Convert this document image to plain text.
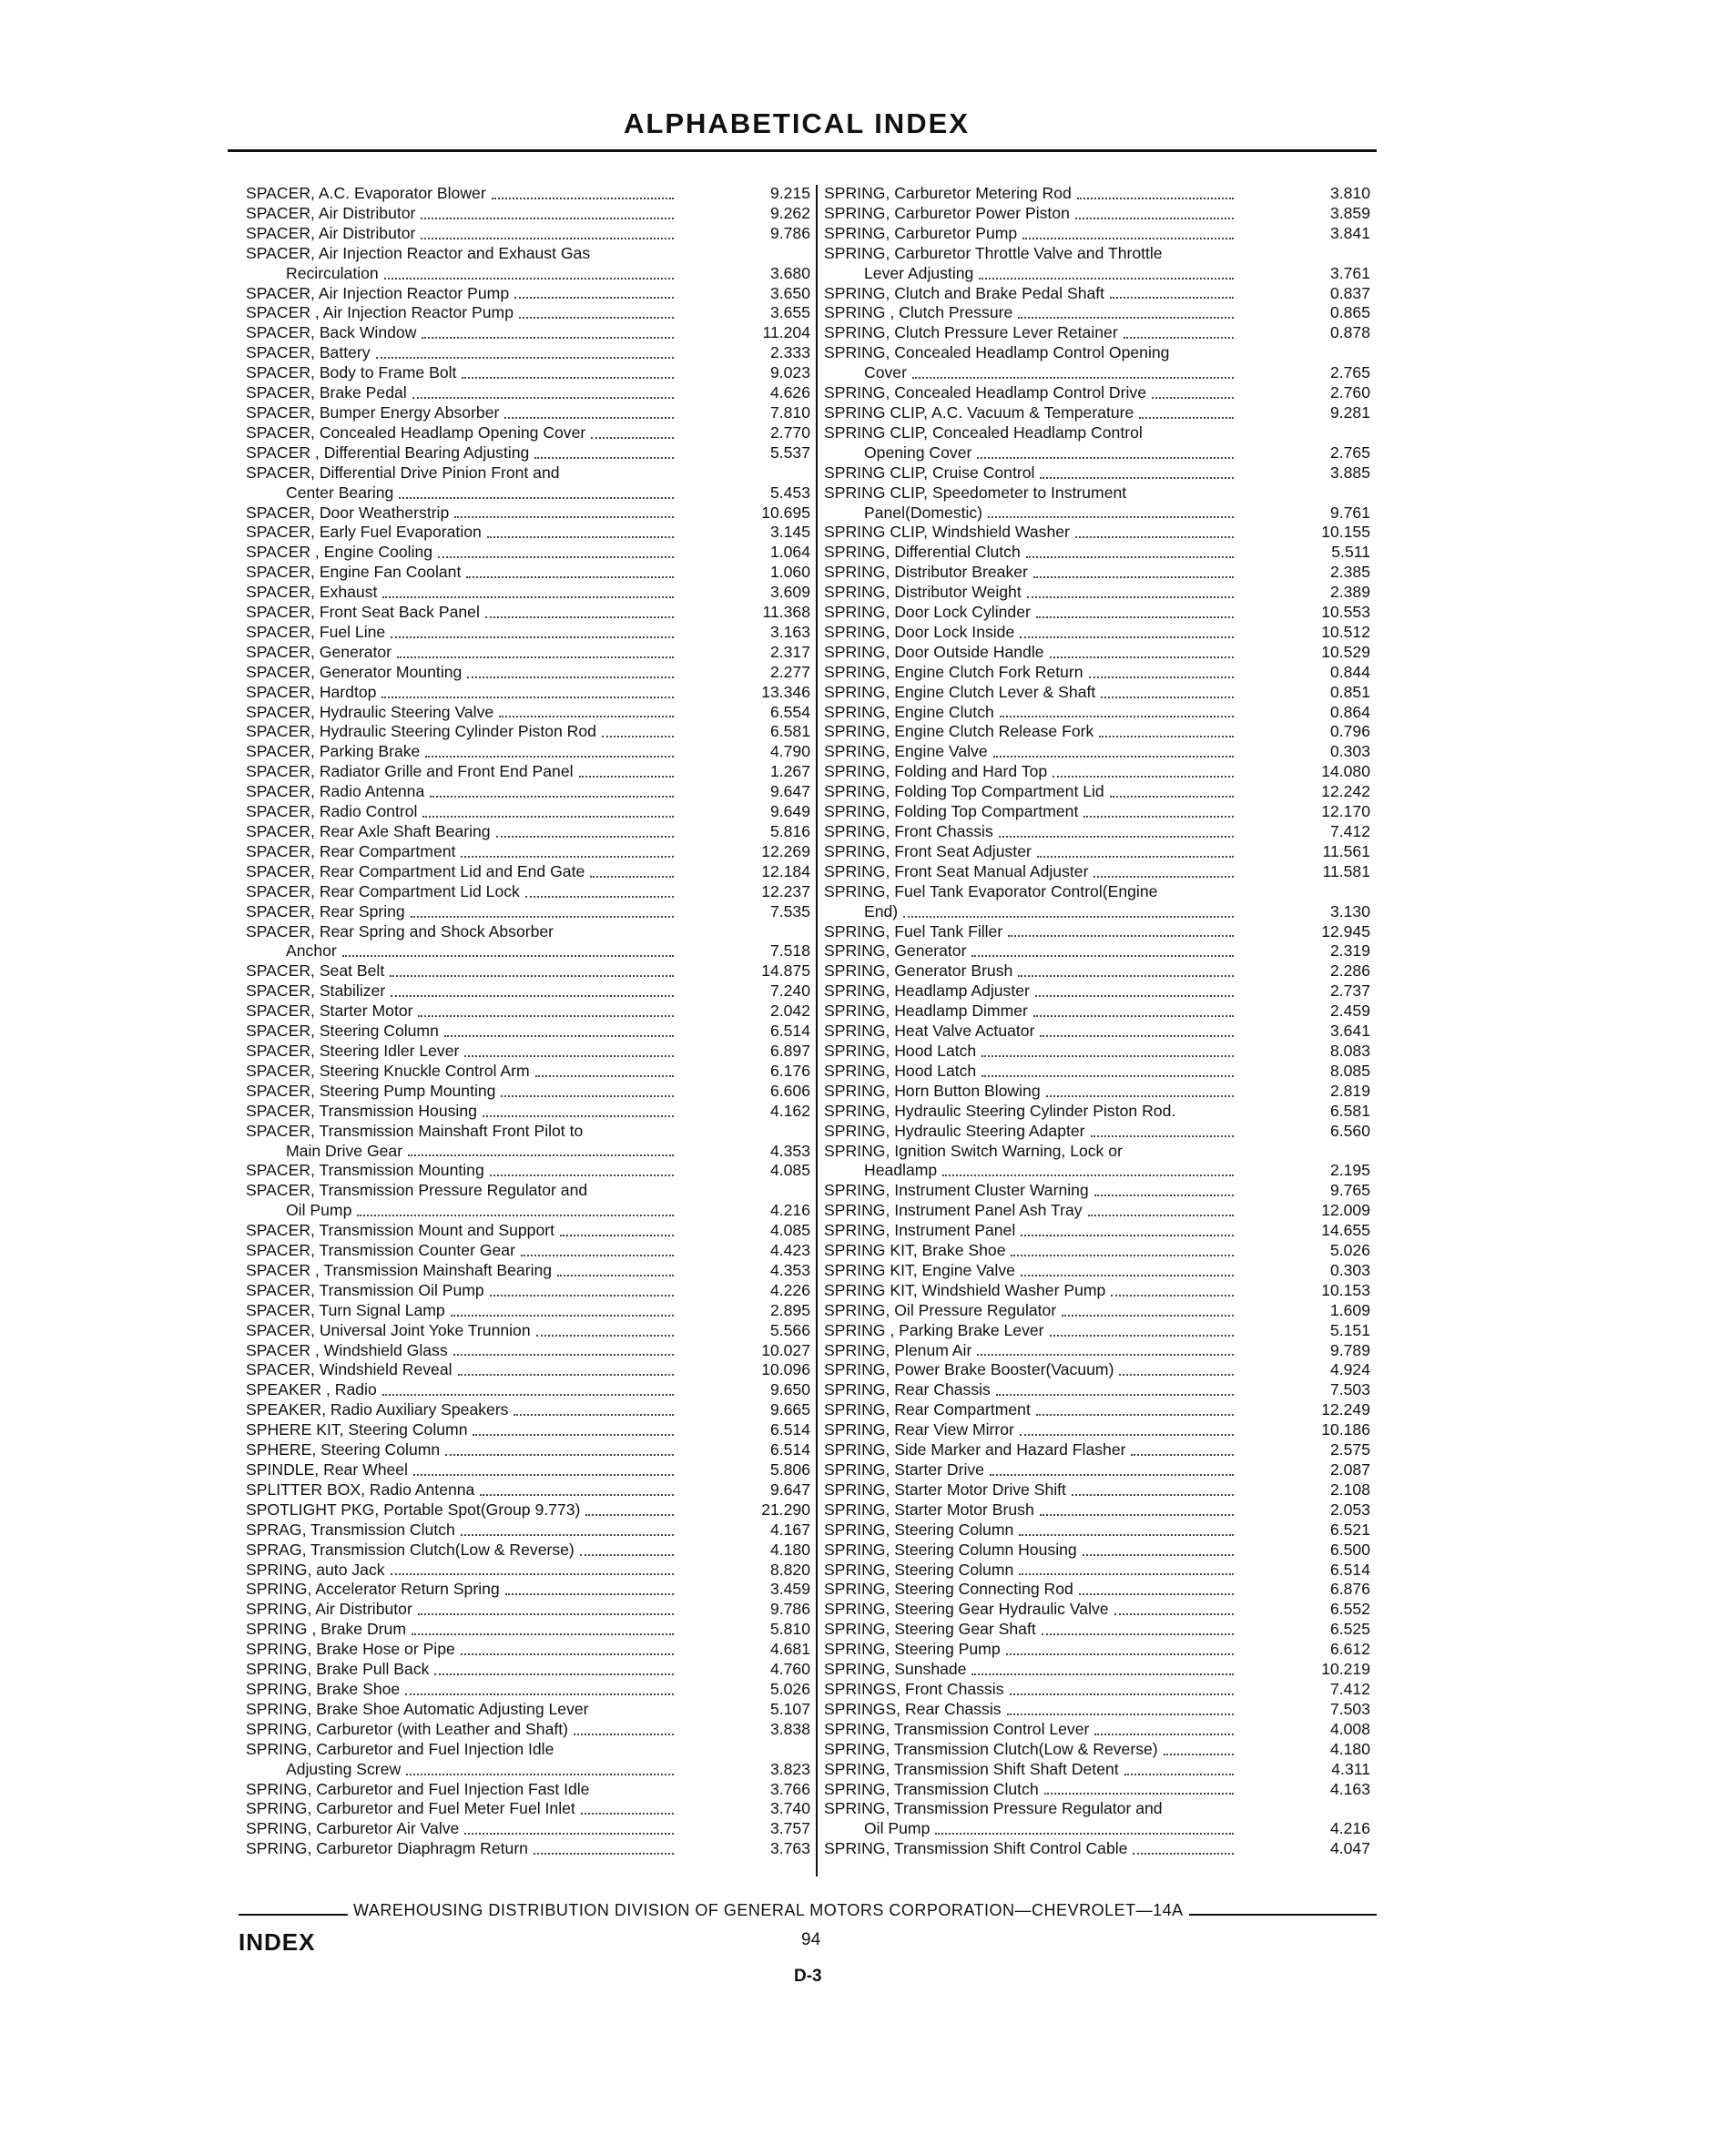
ALPHABETICAL INDEX
SPACER, A.C. Evaporator Blower	9.215
SPACER, Air Distributor	9.262
SPACER, Air Distributor	9.786
SPACER, Air Injection Reactor and Exhaust Gas
Recirculation	3.680
SPACER, Air Injection Reactor Pump	3.650
SPACER , Air Injection Reactor Pump	3.655
SPACER, Back Window	11.204
SPACER, Battery	2.333
SPACER, Body to Frame Bolt	9.023
SPACER, Brake Pedal	4.626
SPACER, Bumper Energy Absorber	7.810
SPACER, Concealed Headlamp Opening Cover	2.770
SPACER , Differential Bearing Adjusting	5.537
SPACER, Differential Drive Pinion Front and
Center Bearing	5.453
SPACER, Door Weatherstrip	10.695
SPACER, Early Fuel Evaporation	3.145
SPACER , Engine Cooling	1.064
SPACER, Engine Fan Coolant	1.060
SPACER, Exhaust	3.609
SPACER, Front Seat Back Panel	11.368
SPACER, Fuel Line	3.163
SPACER, Generator	2.317
SPACER, Generator Mounting	2.277
SPACER, Hardtop	13.346
SPACER, Hydraulic Steering Valve	6.554
SPACER, Hydraulic Steering Cylinder Piston Rod	6.581
SPACER, Parking Brake	4.790
SPACER, Radiator Grille and Front End Panel	1.267
SPACER, Radio Antenna	9.647
SPACER, Radio Control	9.649
SPACER, Rear Axle Shaft Bearing	5.816
SPACER, Rear Compartment	12.269
SPACER, Rear Compartment Lid and End Gate	12.184
SPACER, Rear Compartment Lid Lock	12.237
SPACER, Rear Spring	7.535
SPACER, Rear Spring and Shock Absorber
Anchor	7.518
SPACER, Seat Belt	14.875
SPACER, Stabilizer	7.240
SPACER, Starter Motor	2.042
SPACER, Steering Column	6.514
SPACER, Steering Idler Lever	6.897
SPACER, Steering Knuckle Control Arm	6.176
SPACER, Steering Pump Mounting	6.606
SPACER, Transmission Housing	4.162
SPACER, Transmission Mainshaft Front Pilot to
Main Drive Gear	4.353
SPACER, Transmission Mounting	4.085
SPACER, Transmission Pressure Regulator and
Oil Pump	4.216
SPACER, Transmission Mount and Support	4.085
SPACER, Transmission Counter Gear	4.423
SPACER , Transmission Mainshaft Bearing	4.353
SPACER, Transmission Oil Pump	4.226
SPACER, Turn Signal Lamp	2.895
SPACER, Universal Joint Yoke Trunnion	5.566
SPACER , Windshield Glass	10.027
SPACER, Windshield Reveal	10.096
SPEAKER , Radio	9.650
SPEAKER, Radio Auxiliary Speakers	9.665
SPHERE KIT, Steering Column	6.514
SPHERE, Steering Column	6.514
SPINDLE, Rear Wheel	5.806
SPLITTER BOX, Radio Antenna	9.647
SPOTLIGHT PKG, Portable Spot(Group 9.773)	21.290
SPRAG, Transmission Clutch	4.167
SPRAG, Transmission Clutch(Low & Reverse)	4.180
SPRING, auto Jack	8.820
SPRING, Accelerator Return Spring	3.459
SPRING, Air Distributor	9.786
SPRING , Brake Drum	5.810
SPRING, Brake Hose or Pipe	4.681
SPRING, Brake Pull Back	4.760
SPRING, Brake Shoe	5.026
SPRING, Brake Shoe Automatic Adjusting Lever	5.107
SPRING, Carburetor (with Leather and Shaft)	3.838
SPRING, Carburetor and Fuel Injection Idle
Adjusting Screw	3.823
SPRING, Carburetor and Fuel Injection Fast Idle	3.766
SPRING, Carburetor and Fuel Meter Fuel Inlet	3.740
SPRING, Carburetor Air Valve	3.757
SPRING, Carburetor Diaphragm Return	3.763
SPRING, Carburetor Metering Rod	3.810
SPRING, Carburetor Power Piston	3.859
SPRING, Carburetor Pump	3.841
SPRING, Carburetor Throttle Valve and Throttle
Lever Adjusting	3.761
SPRING, Clutch and Brake Pedal Shaft	0.837
SPRING , Clutch Pressure	0.865
SPRING, Clutch Pressure Lever Retainer	0.878
SPRING, Concealed Headlamp Control Opening
Cover	2.765
SPRING, Concealed Headlamp Control Drive	2.760
SPRING CLIP, A.C. Vacuum & Temperature	9.281
SPRING CLIP, Concealed Headlamp Control
Opening Cover	2.765
SPRING CLIP, Cruise Control	3.885
SPRING CLIP, Speedometer to Instrument
Panel(Domestic)	9.761
SPRING CLIP, Windshield Washer	10.155
SPRING, Differential Clutch	5.511
SPRING, Distributor Breaker	2.385
SPRING, Distributor Weight	2.389
SPRING, Door Lock Cylinder	10.553
SPRING, Door Lock Inside	10.512
SPRING, Door Outside Handle	10.529
SPRING, Engine Clutch Fork Return	0.844
SPRING, Engine Clutch Lever & Shaft	0.851
SPRING, Engine Clutch	0.864
SPRING, Engine Clutch Release Fork	0.796
SPRING, Engine Valve	0.303
SPRING, Folding and Hard Top	14.080
SPRING, Folding Top Compartment Lid	12.242
SPRING, Folding Top Compartment	12.170
SPRING, Front Chassis	7.412
SPRING, Front Seat Adjuster	11.561
SPRING, Front Seat Manual Adjuster	11.581
SPRING, Fuel Tank Evaporator Control(Engine
End)	3.130
SPRING, Fuel Tank Filler	12.945
SPRING, Generator	2.319
SPRING, Generator Brush	2.286
SPRING, Headlamp Adjuster	2.737
SPRING, Headlamp Dimmer	2.459
SPRING, Heat Valve Actuator	3.641
SPRING, Hood Latch	8.083
SPRING, Hood Latch	8.085
SPRING, Horn Button Blowing	2.819
SPRING, Hydraulic Steering Cylinder Piston Rod.	6.581
SPRING, Hydraulic Steering Adapter	6.560
SPRING, Ignition Switch Warning, Lock or
Headlamp	2.195
SPRING, Instrument Cluster Warning	9.765
SPRING, Instrument Panel Ash Tray	12.009
SPRING, Instrument Panel	14.655
SPRING KIT, Brake Shoe	5.026
SPRING KIT, Engine Valve	0.303
SPRING KIT, Windshield Washer Pump	10.153
SPRING, Oil Pressure Regulator	1.609
SPRING , Parking Brake Lever	5.151
SPRING, Plenum Air	9.789
SPRING, Power Brake Booster(Vacuum)	4.924
SPRING, Rear Chassis	7.503
SPRING, Rear Compartment	12.249
SPRING, Rear View Mirror	10.186
SPRING, Side Marker and Hazard Flasher	2.575
SPRING, Starter Drive	2.087
SPRING, Starter Motor Drive Shift	2.108
SPRING, Starter Motor Brush	2.053
SPRING, Steering Column	6.521
SPRING, Steering Column Housing	6.500
SPRING, Steering Column	6.514
SPRING, Steering Connecting Rod	6.876
SPRING, Steering Gear Hydraulic Valve	6.552
SPRING, Steering Gear Shaft	6.525
SPRING, Steering Pump	6.612
SPRING, Sunshade	10.219
SPRINGS, Front Chassis	7.412
SPRINGS, Rear Chassis	7.503
SPRING, Transmission Control Lever	4.008
SPRING, Transmission Clutch(Low & Reverse)	4.180
SPRING, Transmission Shift Shaft Detent	4.311
SPRING, Transmission Clutch	4.163
SPRING, Transmission Pressure Regulator and
Oil Pump	4.216
SPRING, Transmission Shift Control Cable	4.047
WAREHOUSING DISTRIBUTION DIVISION OF GENERAL MOTORS CORPORATION—CHEVROLET—14A
INDEX	94
D-3
